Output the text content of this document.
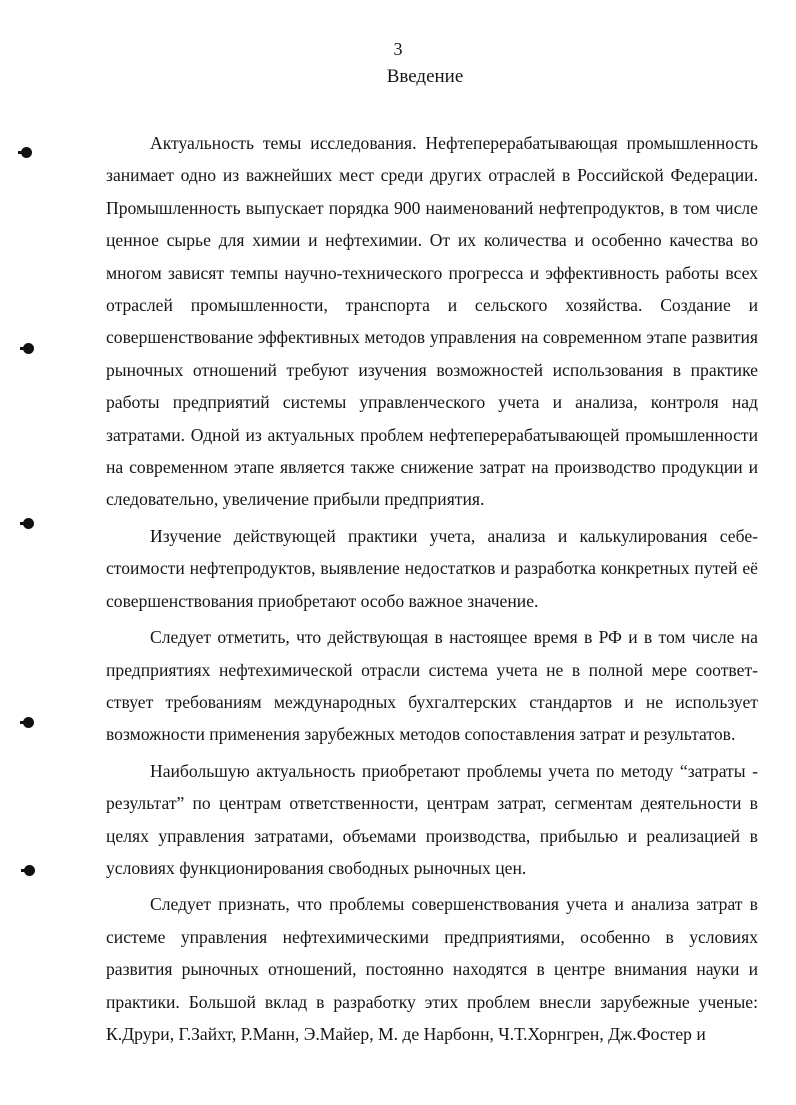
3
Введение

Актуальность темы исследования. Нефтеперерабатывающая промышленность занимает одно из важнейших мест среди других отраслей в Российской Федерации. Промышленность выпускает порядка 900 наименований нефтепродуктов, в том числе ценное сырье для химии и нефтехимии. От их количества и особенно качества во многом зависят темпы научно-технического прогресса и эффективность работы всех отраслей промышленности, транспорта и сельского хозяйства. Создание и совершенствование эффективных методов управления на современном этапе развития рыночных отношений требуют изучения возможностей использования в практике работы предприятий системы управленческого учета и анализа, контроля над затратами. Одной из актуальных проблем нефтеперерабатывающей промышленности на современном этапе является также снижение затрат на производство продукции и следовательно, увеличение прибыли предприятия.

Изучение действующей практики учета, анализа и калькулирования себестоимости нефтепродуктов, выявление недостатков и разработка конкретных путей её совершенствования приобретают особо важное значение.

Следует отметить, что действующая в настоящее время в РФ и в том числе на предприятиях нефтехимической отрасли система учета не в полной мере соответствует требованиям международных бухгалтерских стандартов и не использует возможности применения зарубежных методов сопоставления затрат и результатов.

Наибольшую актуальность приобретают проблемы учета по методу “затраты - результат” по центрам ответственности, центрам затрат, сегментам деятельности в целях управления затратами, объемами производства, прибылью и реализацией в условиях функционирования свободных рыночных цен.

Следует признать, что проблемы совершенствования учета и анализа затрат в системе управления нефтехимическими предприятиями, особенно в условиях развития рыночных отношений, постоянно находятся в центре внимания науки и практики. Большой вклад в разработку этих проблем внесли зарубежные ученые: К.Друри, Г.Зайхт, Р.Манн, Э.Майер, М. де Нарбонн, Ч.Т.Хорнгрен, Дж.Фостер и
